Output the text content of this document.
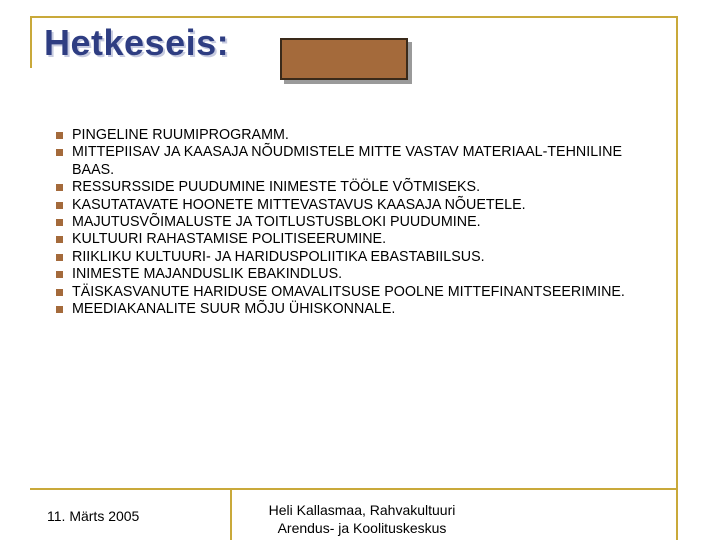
Hetkeseis:
PINGELINE RUUMIPROGRAMM.
MITTEPIISAV JA KAASAJA NÕUDMISTELE MITTE VASTAV MATERIAAL-TEHNILINE BAAS.
RESSURSSIDE PUUDUMINE INIMESTE TÖÖLE VÕTMISEKS.
KASUTATAVATE HOONETE MITTEVASTAVUS KAASAJA NÕUETELE.
MAJUTUSVÕIMALUSTE JA TOITLUSTUSBLOKI PUUDUMINE.
KULTUURI RAHASTAMISE POLITISEERUMINE.
RIIKLIKU KULTUURI- JA HARIDUSPOLIITIKA EBASTABIILSUS.
INIMESTE MAJANDUSLIK EBAKINDLUS.
TÄISKASVANUTE HARIDUSE OMAVALITSUSE POOLNE MITTEFINANTSEERIMINE.
MEEDIAKANALITE SUUR MÕJU ÜHISKONNALE.
11. Märts 2005	Heli Kallasmaa, Rahvakultuuri
Arendus- ja Koolituskeskus
